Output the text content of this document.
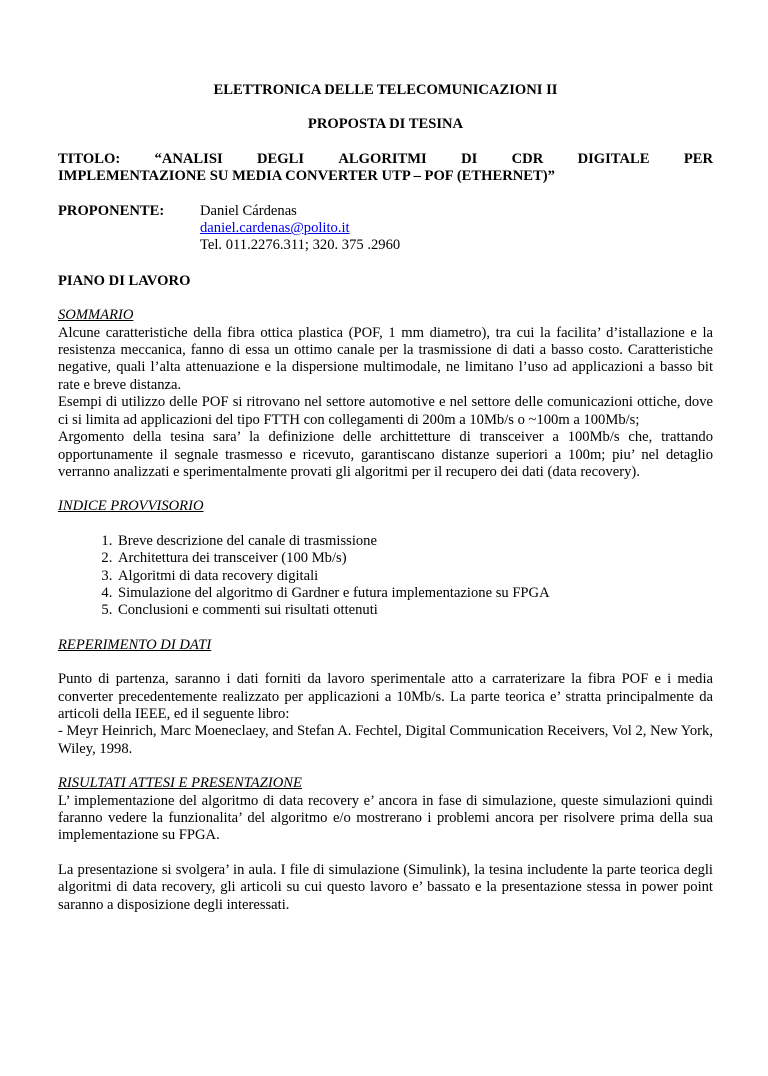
ELETTRONICA DELLE TELECOMUNICAZIONI II
PROPOSTA DI TESINA
TITOLO: “ANALISI DEGLI ALGORITMI DI CDR DIGITALE PER
IMPLEMENTAZIONE SU MEDIA CONVERTER UTP – POF (ETHERNET)”
PROPONENTE:	Daniel Cárdenas
daniel.cardenas@polito.it
Tel. 011.2276.311; 320. 375 .2960
PIANO DI LAVORO
SOMMARIO

Alcune caratteristiche della fibra ottica plastica (POF, 1 mm diametro), tra cui la facilita’ d’istallazione e la resistenza meccanica, fanno di essa un ottimo canale per la trasmissione di dati a basso costo. Caratteristiche negative, quali l’alta attenuazione e la dispersione multimodale, ne limitano l’uso ad applicazioni a basso bit rate e breve distanza.

Esempi di utilizzo delle POF si ritrovano nel settore automotive e nel settore delle comunicazioni ottiche, dove ci si limita ad applicazioni del tipo FTTH con collegamenti di 200m a 10Mb/s o ~100m a 100Mb/s;

Argomento della tesina sara’ la definizione delle archittetture di transceiver a 100Mb/s che, trattando opportunamente il segnale trasmesso e ricevuto, garantiscano distanze superiori a 100m; piu’ nel detaglio verranno analizzati e sperimentalmente provati gli algoritmi per il recupero dei dati (data recovery).

INDICE PROVVISORIO
1. Breve descrizione del canale di trasmissione
2. Architettura dei transceiver (100 Mb/s)
3. Algoritmi di data recovery digitali
4. Simulazione del algoritmo di Gardner e futura implementazione su FPGA
5. Conclusioni e commenti sui risultati ottenuti
REPERIMENTO DI DATI

Punto di partenza, saranno i dati forniti da lavoro sperimentale atto a carraterizare la fibra POF e i media converter precedentemente realizzato per applicazioni a 10Mb/s. La parte teorica e’ stratta principalmente da articoli della IEEE, ed il seguente libro:

- Meyr Heinrich, Marc Moeneclaey, and Stefan A. Fechtel, Digital Communication Receivers, Vol 2, New York, Wiley, 1998.

RISULTATI ATTESI E PRESENTAZIONE

L’ implementazione del algoritmo di data recovery e’ ancora in fase di simulazione, queste simulazioni quindi faranno vedere la funzionalita’ del algoritmo e/o mostrerano i problemi ancora per risolvere prima della sua implementazione su FPGA.

La presentazione si svolgera’ in aula. I file di simulazione (Simulink), la tesina includente la parte teorica degli algoritmi di data recovery, gli articoli su cui questo lavoro e’ bassato e la presentazione stessa in power point saranno a disposizione degli interessati.
